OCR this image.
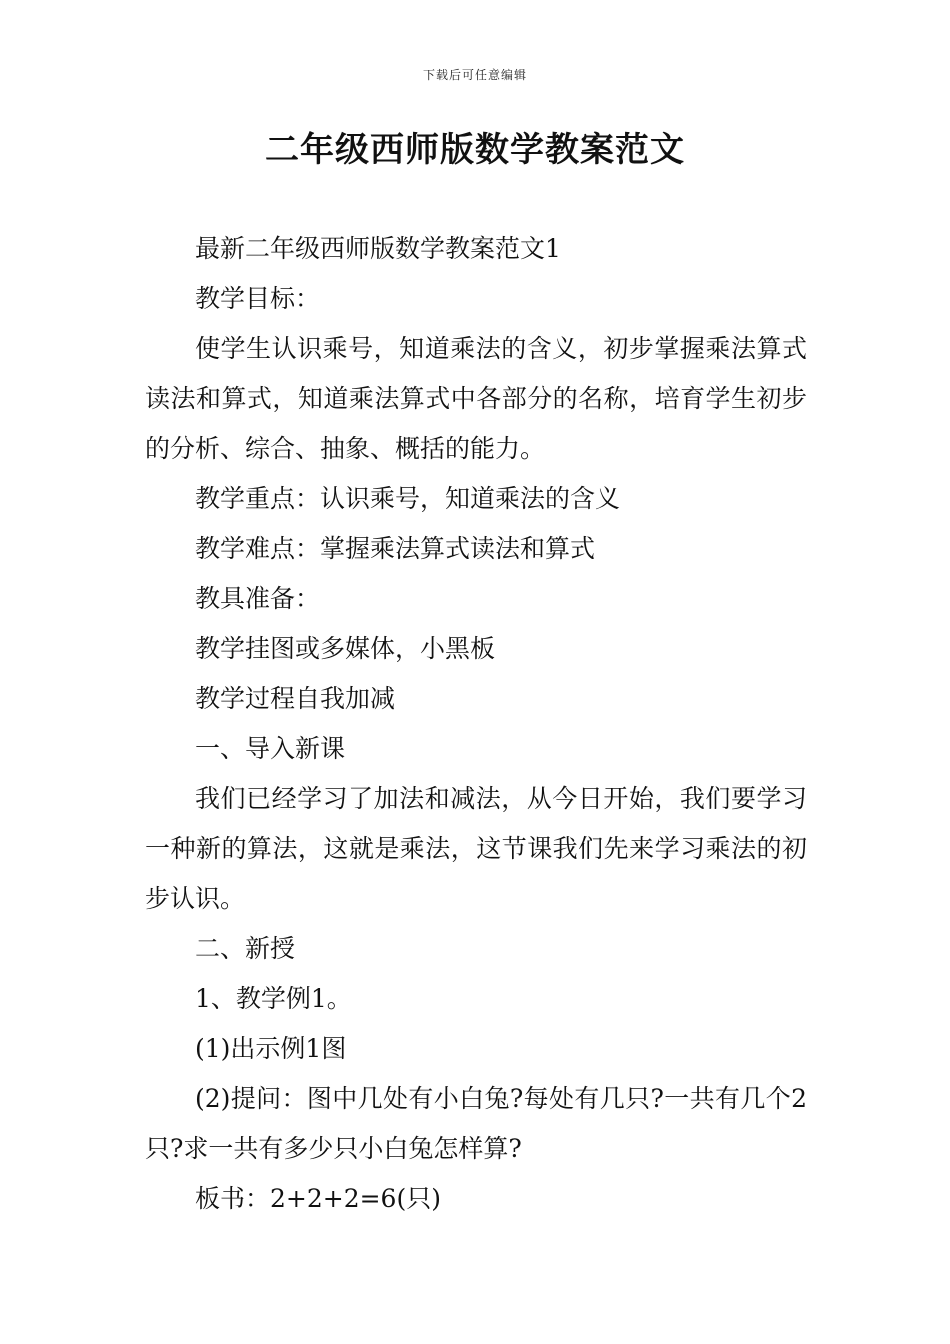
下载后可任意编辑
二年级西师版数学教案范文

最新二年级西师版数学教案范文1

教学目标：

使学生认识乘号，知道乘法的含义，初步掌握乘法算式读法和算式，知道乘法算式中各部分的名称，培育学生初步的分析、综合、抽象、概括的能力。

教学重点：认识乘号，知道乘法的含义

教学难点：掌握乘法算式读法和算式

教具准备：

教学挂图或多媒体，小黑板

教学过程自我加减

一、导入新课

我们已经学习了加法和减法，从今日开始，我们要学习一种新的算法，这就是乘法，这节课我们先来学习乘法的初步认识。

二、新授

1、教学例1。

(1)出示例1图

(2)提问：图中几处有小白兔?每处有几只?一共有几个2只?求一共有多少只小白兔怎样算?

板书：2+2+2=6(只)
